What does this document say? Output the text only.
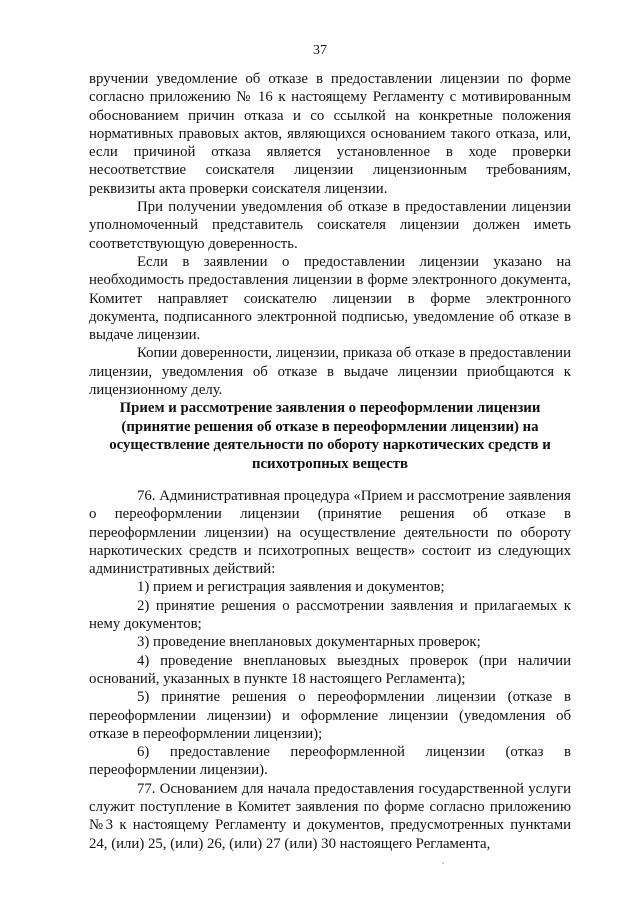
37

вручении уведомление об отказе в предоставлении лицензии по форме согласно приложению № 16 к настоящему Регламенту с мотивированным обоснованием причин отказа и со ссылкой на конкретные положения нормативных правовых актов, являющихся основанием такого отказа, или, если причиной отказа является установленное в ходе проверки несоответствие соискателя лицензии лицензионным требованиям, реквизиты акта проверки соискателя лицензии.

При получении уведомления об отказе в предоставлении лицензии уполномоченный представитель соискателя лицензии должен иметь соответствующую доверенность.

Если в заявлении о предоставлении лицензии указано на необходимость предоставления лицензии в форме электронного документа, Комитет направляет соискателю лицензии в форме электронного документа, подписанного электронной подписью, уведомление об отказе в выдаче лицензии.

Копии доверенности, лицензии, приказа об отказе в предоставлении лицензии, уведомления об отказе в выдаче лицензии приобщаются к лицензионному делу.

Прием и рассмотрение заявления о переоформлении лицензии
(принятие решения об отказе в переоформлении лицензии) на
осуществление деятельности по обороту наркотических средств и
психотропных веществ

76. Административная процедура «Прием и рассмотрение заявления о переоформлении лицензии (принятие решения об отказе в переоформлении лицензии) на осуществление деятельности по обороту наркотических средств и психотропных веществ» состоит из следующих административных действий:

1) прием и регистрация заявления и документов;

2) принятие решения о рассмотрении заявления и прилагаемых к нему документов;

3) проведение внеплановых документарных проверок;

4) проведение внеплановых выездных проверок (при наличии оснований, указанных в пункте 18 настоящего Регламента);

5) принятие решения о переоформлении лицензии (отказе в переоформлении лицензии) и оформление лицензии (уведомления об отказе в переоформлении лицензии);

6) предоставление переоформленной лицензии (отказ в переоформлении лицензии).

77. Основанием для начала предоставления государственной услуги служит поступление в Комитет заявления по форме согласно приложению №3 к настоящему Регламенту и документов, предусмотренных пунктами 24, (или) 25, (или) 26, (или) 27 (или) 30 настоящего Регламента,
